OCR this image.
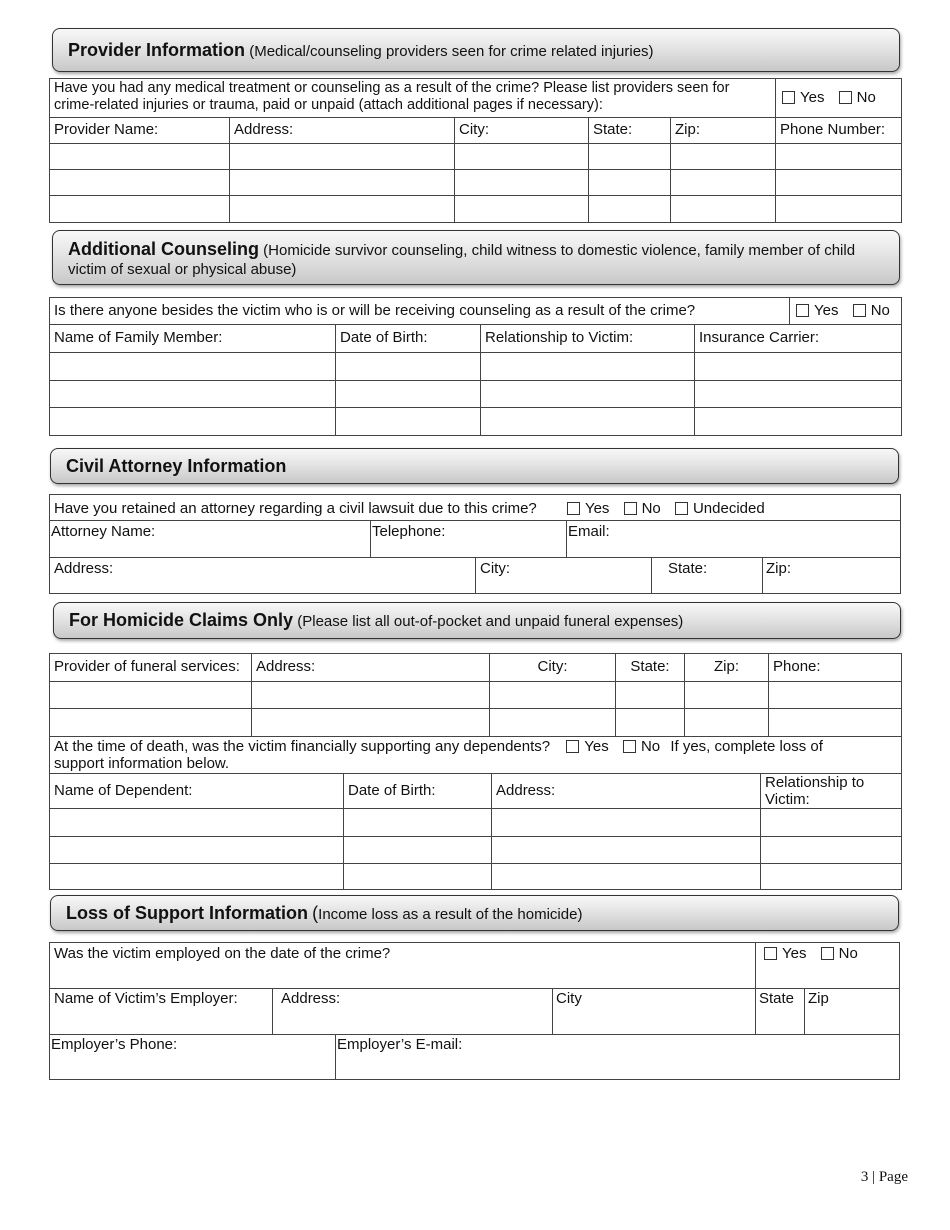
Provider Information (Medical/counseling providers seen for crime related injuries)
Have you had any medical treatment or counseling as a result of the crime? Please list providers seen for crime-related injuries or trauma, paid or unpaid (attach additional pages if necessary):					Yes No
Provider Name:	Address:	City:	State:	Zip:	Phone Number:

Additional Counseling (Homicide survivor counseling, child witness to domestic violence, family member of child victim of sexual or physical abuse)
Is there anyone besides the victim who is or will be receiving counseling as a result of the crime?				Yes No
Name of Family Member:	Date of Birth:	Relationship to Victim:	Insurance Carrier:	

Civil Attorney Information
Have you retained an attorney regarding a civil lawsuit due to this crime?	Yes No Undecided
Attorney Name:	Telephone:	Email:
Address:	City:	State:	Zip:
For Homicide Claims Only (Please list all out-of-pocket and unpaid funeral expenses)
Provider of funeral services:	Address:	City:	State:	Zip:	Phone:

At the time of death, was the victim financially supporting any dependents? Yes No If yes, complete loss of
support information below.			

Name of Dependent:	Date of Birth:	Address:	Relationship to Victim:

Loss of Support Information (Income loss as a result of the homicide)
Was the victim employed on the date of the crime?	Yes No
Name of Victim’s Employer:	Address:	City	State Zip
Employer’s Phone:	Employer’s E-mail:
3 | Page
